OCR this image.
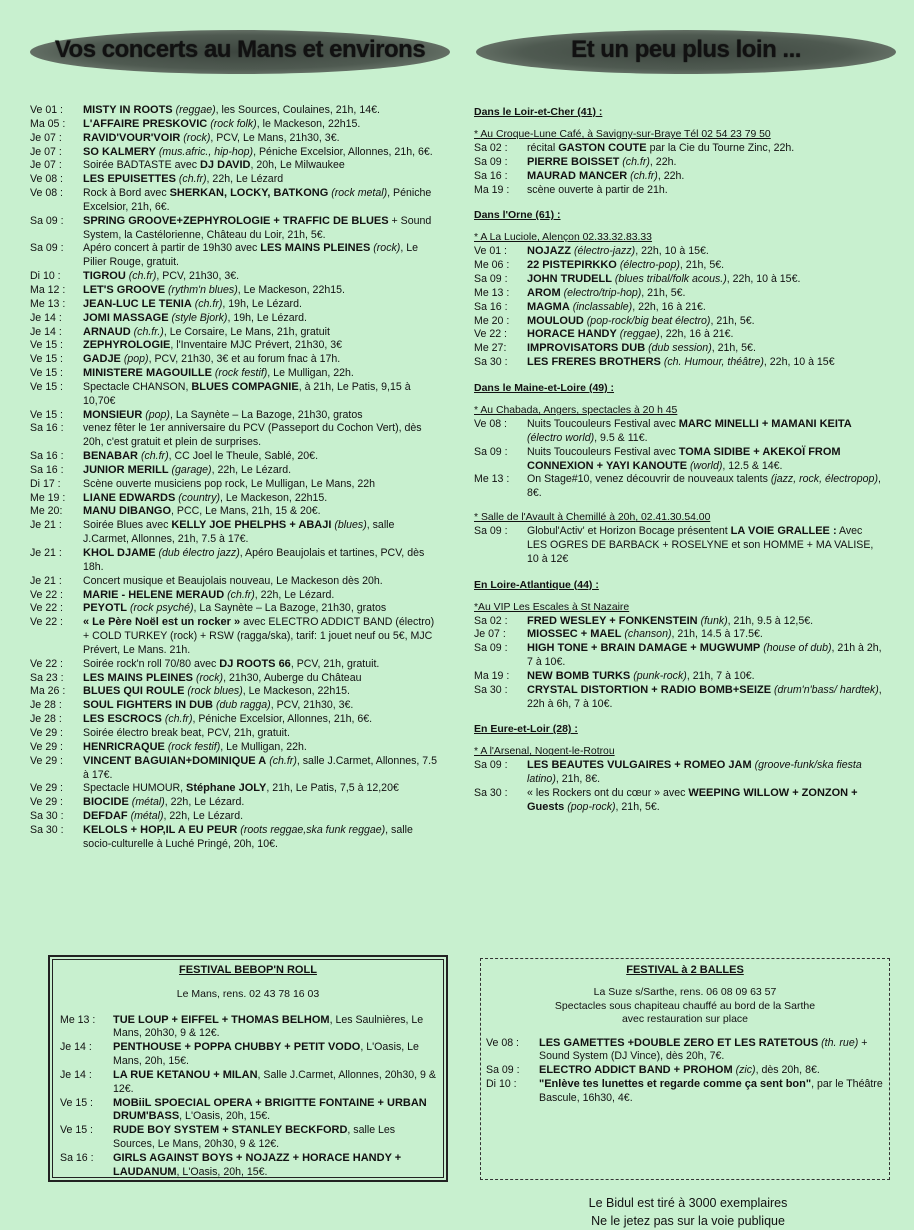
Vos concerts au Mans et environs
Ve 01 :	MISTY IN ROOTS (reggae), les Sources, Coulaines, 21h, 14€.
Ma 05 :	L'AFFAIRE PRESKOVIC (rock folk), le Mackeson, 22h15.
Je 07 :	RAVID'VOUR'VOIR (rock), PCV, Le Mans, 21h30, 3€.
Je 07 :	SO KALMERY (mus.afric., hip-hop), Péniche Excelsior, Allonnes, 21h, 6€.
Je 07 :	Soirée BADTASTE avec DJ DAVID, 20h, Le Milwaukee
Ve 08 :	LES EPUISETTES (ch.fr), 22h, Le Lézard
Ve 08 :	Rock à Bord avec SHERKAN, LOCKY, BATKONG (rock metal), Péniche Excelsior, 21h, 6€.
Sa 09 :	SPRING GROOVE+ZEPHYROLOGIE + TRAFFIC DE BLUES + Sound System, la Castélorienne, Château du Loir, 21h, 5€.
Sa 09 :	Apéro concert à partir de 19h30 avec LES MAINS PLEINES (rock), Le Pilier Rouge, gratuit.
Di 10 :	TIGROU (ch.fr), PCV, 21h30, 3€.
Ma 12 :	LET'S GROOVE (rythm'n blues), Le Mackeson, 22h15.
Me 13 :	JEAN-LUC LE TENIA (ch.fr), 19h, Le Lézard.
Je 14 :	JOMI MASSAGE (style Bjork), 19h, Le Lézard.
Je 14 :	ARNAUD (ch.fr.), Le Corsaire, Le Mans, 21h, gratuit
Ve 15 :	ZEPHYROLOGIE, l'Inventaire MJC Prévert, 21h30, 3€
Ve 15 :	GADJE (pop), PCV, 21h30, 3€ et au forum fnac à 17h.
Ve 15 :	MINISTERE MAGOUILLE (rock festif), Le Mulligan, 22h.
Ve 15 :	Spectacle CHANSON, BLUES COMPAGNIE, à 21h, Le Patis, 9,15 à 10,70€
Ve 15 :	MONSIEUR (pop), La Saynète – La Bazoge, 21h30, gratos
Sa 16 :	venez fêter le 1er anniversaire du PCV (Passeport du Cochon Vert), dès 20h, c'est gratuit et plein de surprises.
Sa 16 :	BENABAR (ch.fr), CC Joel le Theule, Sablé, 20€.
Sa 16 :	JUNIOR MERILL (garage), 22h, Le Lézard.
Di 17 :	Scène ouverte musiciens pop rock, Le Mulligan, Le Mans, 22h
Me 19 :	LIANE EDWARDS (country), Le Mackeson, 22h15.
Me 20:	MANU DIBANGO, PCC, Le Mans, 21h, 15 & 20€.
Je 21 :	Soirée Blues avec KELLY JOE PHELPHS + ABAJI (blues), salle J.Carmet, Allonnes, 21h, 7.5 à 17€.
Je 21 :	KHOL DJAME (dub électro jazz), Apéro Beaujolais et tartines, PCV, dès 18h.
Je 21 :	Concert musique et Beaujolais nouveau, Le Mackeson dès 20h.
Ve 22 :	MARIE - HELENE MERAUD (ch.fr), 22h, Le Lézard.
Ve 22 :	PEYOTL (rock psyché), La Saynète – La Bazoge, 21h30, gratos
Ve 22 :	« Le Père Noël est un rocker » avec ELECTRO ADDICT BAND (électro) + COLD TURKEY (rock) + RSW (ragga/ska), tarif: 1 jouet neuf ou 5€, MJC Prévert, Le Mans. 21h.
Ve 22 :	Soirée rock'n roll 70/80 avec DJ ROOTS 66, PCV, 21h, gratuit.
Sa 23 :	LES MAINS PLEINES (rock), 21h30, Auberge du Château
Ma 26 :	BLUES QUI ROULE (rock blues), Le Mackeson, 22h15.
Je 28 :	SOUL FIGHTERS IN DUB (dub ragga), PCV, 21h30, 3€.
Je 28 :	LES ESCROCS (ch.fr), Péniche Excelsior, Allonnes, 21h, 6€.
Ve 29 :	Soirée électro break beat, PCV, 21h, gratuit.
Ve 29 :	HENRICRAQUE (rock festif), Le Mulligan, 22h.
Ve 29 :	VINCENT BAGUIAN+DOMINIQUE A (ch.fr), salle J.Carmet, Allonnes, 7.5 à 17€.
Ve 29 :	Spectacle HUMOUR, Stéphane JOLY, 21h, Le Patis, 7,5 à 12,20€
Ve 29 :	BIOCIDE (métal), 22h, Le Lézard.
Sa 30 :	DEFDAF (métal), 22h, Le Lézard.
Sa 30 :	KELOLS + HOP,IL A EU PEUR (roots reggae,ska funk reggae), salle socio-culturelle à Luché Pringé, 20h, 10€.
FESTIVAL BEBOP'N ROLL
Le Mans, rens. 02 43 78 16 03
Me 13 :	TUE LOUP + EIFFEL + THOMAS BELHOM, Les Saulnières, Le Mans, 20h30, 9 & 12€.
Je 14 :	PENTHOUSE + POPPA CHUBBY + PETIT VODO, L'Oasis, Le Mans, 20h, 15€.
Je 14 :	LA RUE KETANOU + MILAN, Salle J.Carmet, Allonnes, 20h30, 9 & 12€.
Ve 15 :	MOBiiL SPOECIAL OPERA + BRIGITTE FONTAINE + URBAN DRUM'BASS, L'Oasis, 20h, 15€.
Ve 15 :	RUDE BOY SYSTEM + STANLEY BECKFORD, salle Les Sources, Le Mans, 20h30, 9 & 12€.
Sa 16 :	GIRLS AGAINST BOYS + NOJAZZ + HORACE HANDY + LAUDANUM, L'Oasis, 20h, 15€.
Et un peu plus loin ...
Dans le Loir-et-Cher (41) :
* Au Croque-Lune Café, à Savigny-sur-Braye Tél 02 54 23 79 50
Sa 02 :	récital GASTON COUTE par la Cie du Tourne Zinc, 22h.
Sa 09 :	PIERRE BOISSET (ch.fr), 22h.
Sa 16 :	MAURAD MANCER (ch.fr), 22h.
Ma 19 :	scène ouverte à partir de 21h.
Dans l'Orne (61) :
* A La Luciole, Alençon 02.33.32.83.33
Ve 01 :	NOJAZZ (électro-jazz), 22h, 10 à 15€.
Me 06 :	22 PISTEPIRKKO (électro-pop), 21h, 5€.
Sa 09 :	JOHN TRUDELL (blues tribal/folk acous.), 22h, 10 à 15€.
Me 13 :	AROM (electro/trip-hop), 21h, 5€.
Sa 16 :	MAGMA (inclassable), 22h, 16 à 21€.
Me 20 :	MOULOUD (pop-rock/big beat électro), 21h, 5€.
Ve 22 :	HORACE HANDY (reggae), 22h, 16 à 21€.
Me 27:	IMPROVISATORS DUB (dub session), 21h, 5€.
Sa 30 :	LES FRERES BROTHERS (ch. Humour, théâtre), 22h, 10 à 15€
Dans le Maine-et-Loire (49) :
* Au Chabada, Angers, spectacles à 20 h 45
Ve 08 :	Nuits Toucouleurs Festival avec MARC MINELLI + MAMANI KEITA (électro world), 9.5 & 11€.
Sa 09 :	Nuits Toucouleurs Festival avec TOMA SIDIBE + AKEKOÏ FROM CONNEXION + YAYI KANOUTE (world), 12.5 & 14€.
Me 13 :	On Stage#10, venez découvrir de nouveaux talents (jazz, rock, électropop), 8€.
* Salle de l'Avault à Chemillé à 20h, 02.41.30.54.00
Sa 09 :	Globul'Activ' et Horizon Bocage présentent LA VOIE GRALLEE : Avec LES OGRES DE BARBACK + ROSELYNE et son HOMME + MA VALISE, 10 à 12€
En Loire-Atlantique (44) :
*Au VIP Les Escales à St Nazaire
Sa 02 :	FRED WESLEY + FONKENSTEIN (funk), 21h, 9.5 à 12,5€.
Je 07 :	MIOSSEC + MAEL (chanson), 21h, 14.5 à 17.5€.
Sa 09 :	HIGH TONE + BRAIN DAMAGE + MUGWUMP (house of dub), 21h à 2h, 7 à 10€.
Ma 19 :	NEW BOMB TURKS (punk-rock), 21h, 7 à 10€.
Sa 30 :	CRYSTAL DISTORTION + RADIO BOMB+SEIZE (drum'n'bass/ hardtek), 22h à 6h, 7 à 10€.
En Eure-et-Loir (28) :
* A l'Arsenal, Nogent-le-Rotrou
Sa 09 :	LES BEAUTES VULGAIRES + ROMEO JAM (groove-funk/ska fiesta latino), 21h, 8€.
Sa 30 :	« les Rockers ont du cœur » avec WEEPING WILLOW + ZONZON + Guests (pop-rock), 21h, 5€.
FESTIVAL à 2 BALLES
La Suze s/Sarthe, rens. 06 08 09 63 57
Spectacles sous chapiteau chauffé au bord de la Sarthe
avec restauration sur place
Ve 08 :	LES GAMETTES +DOUBLE ZERO ET LES RATETOUS (th. rue) + Sound System (DJ Vince), dès 20h, 7€.
Sa 09 :	ELECTRO ADDICT BAND + PROHOM (zic), dès 20h, 8€.
Di 10 :	"Enlève tes lunettes et regarde comme ça sent bon", par le Théâtre Bascule, 16h30, 4€.
Le Bidul est tiré à 3000 exemplaires
Ne le jetez pas sur la voie publique
